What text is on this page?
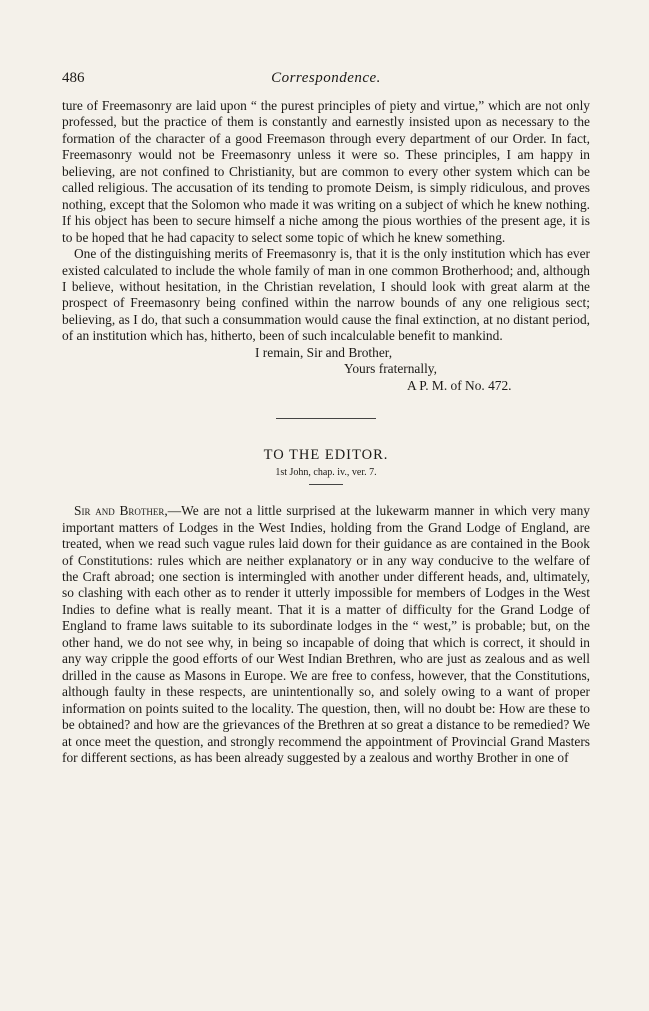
486	Correspondence.

ture of Freemasonry are laid upon “ the purest principles of piety and virtue,” which are not only professed, but the practice of them is constantly and earnestly insisted upon as necessary to the formation of the character of a good Freemason through every department of our Order. In fact, Freemasonry would not be Freemasonry unless it were so. These principles, I am happy in believing, are not confined to Christianity, but are common to every other system which can be called religious. The accusation of its tending to promote Deism, is simply ridiculous, and proves nothing, except that the Solomon who made it was writing on a subject of which he knew nothing. If his object has been to secure himself a niche among the pious worthies of the present age, it is to be hoped that he had capacity to select some topic of which he knew something.

One of the distinguishing merits of Freemasonry is, that it is the only institution which has ever existed calculated to include the whole family of man in one common Brotherhood; and, although I believe, without hesitation, in the Christian revelation, I should look with great alarm at the prospect of Freemasonry being confined within the narrow bounds of any one religious sect; believing, as I do, that such a consummation would cause the final extinction, at no distant period, of an institution which has, hitherto, been of such incalculable benefit to mankind.

I remain, Sir and Brother,
Yours fraternally,
A P. M. of No. 472.

TO THE EDITOR.

1st John, chap. iv., ver. 7.

Sir and Brother,—We are not a little surprised at the lukewarm manner in which very many important matters of Lodges in the West Indies, holding from the Grand Lodge of England, are treated, when we read such vague rules laid down for their guidance as are contained in the Book of Constitutions: rules which are neither explanatory or in any way conducive to the welfare of the Craft abroad; one section is intermingled with another under different heads, and, ultimately, so clashing with each other as to render it utterly impossible for members of Lodges in the West Indies to define what is really meant. That it is a matter of difficulty for the Grand Lodge of England to frame laws suitable to its subordinate lodges in the “ west,” is probable; but, on the other hand, we do not see why, in being so incapable of doing that which is correct, it should in any way cripple the good efforts of our West Indian Brethren, who are just as zealous and as well drilled in the cause as Masons in Europe. We are free to confess, however, that the Constitutions, although faulty in these respects, are unintentionally so, and solely owing to a want of proper information on points suited to the locality. The question, then, will no doubt be: How are these to be obtained? and how are the grievances of the Brethren at so great a distance to be remedied? We at once meet the question, and strongly recommend the appointment of Provincial Grand Masters for different sections, as has been already suggested by a zealous and worthy Brother in one of
